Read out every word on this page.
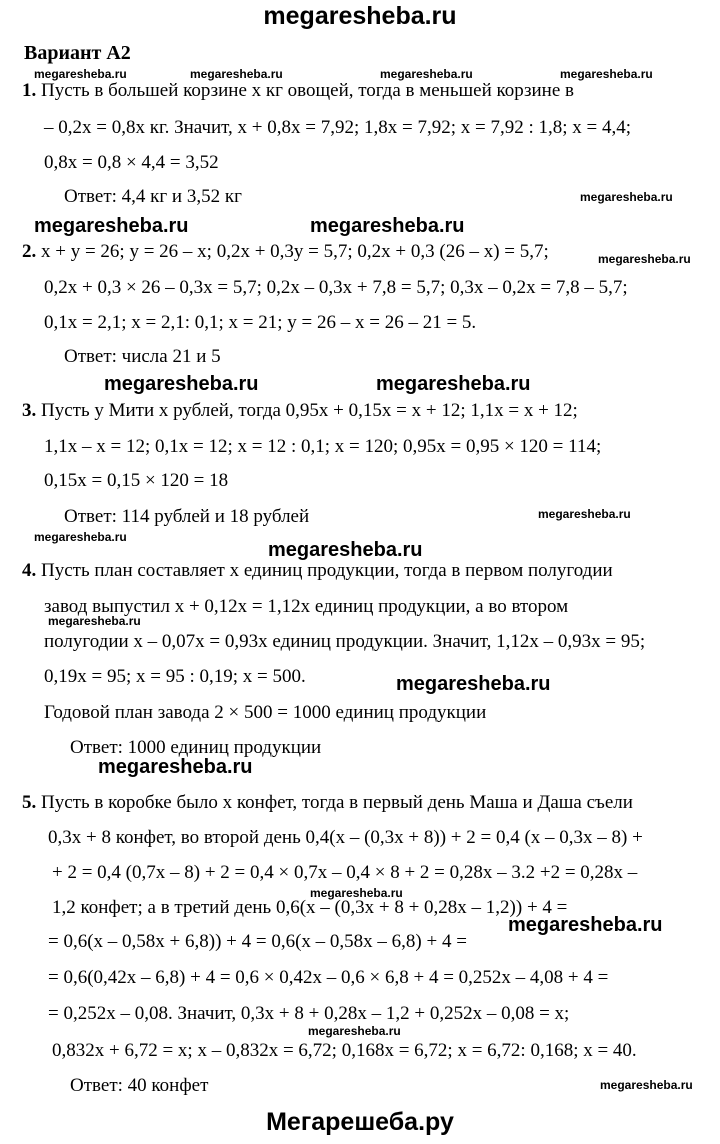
megaresheba.ru
Вариант А2
1. Пусть в большей корзине х кг овощей, тогда в меньшей корзине в
– 0,2х = 0,8х кг. Значит, х + 0,8х = 7,92; 1,8х = 7,92; х = 7,92 : 1,8; х = 4,4;
0,8х = 0,8 × 4,4 = 3,52
Ответ: 4,4 кг и 3,52 кг
2. х + у = 26; у = 26 – х; 0,2х + 0,3у = 5,7; 0,2х + 0,3 (26 – х) = 5,7;
0,2х + 0,3 × 26 – 0,3х = 5,7; 0,2х – 0,3х + 7,8 = 5,7; 0,3х – 0,2х = 7,8 – 5,7;
0,1х = 2,1; х = 2,1: 0,1; х = 21; у = 26 – х = 26 – 21 = 5.
Ответ: числа 21 и 5
3. Пусть у Мити х рублей, тогда 0,95х + 0,15х = х + 12; 1,1х = х + 12;
1,1х – х = 12; 0,1х = 12; х = 12 : 0,1; х = 120; 0,95х = 0,95 × 120 = 114;
0,15х = 0,15 × 120 = 18
Ответ: 114 рублей и 18 рублей
4. Пусть план составляет х единиц продукции, тогда в первом полугодии
завод выпустил х + 0,12х = 1,12х единиц продукции, а во втором
полугодии х – 0,07х = 0,93х единиц продукции. Значит, 1,12х – 0,93х = 95;
0,19х = 95; х = 95 : 0,19; х = 500.
Годовой план завода 2 × 500 = 1000 единиц продукции
Ответ: 1000 единиц продукции
5. Пусть в коробке было х конфет, тогда в первый день Маша и Даша съели
0,3х + 8 конфет, во второй день 0,4(х – (0,3х + 8)) + 2 = 0,4 (х – 0,3х – 8) +
+ 2 = 0,4 (0,7х – 8) + 2 = 0,4 × 0,7х – 0,4 × 8 + 2 = 0,28х – 3.2 +2 = 0,28х –
1,2 конфет; а в третий день 0,6(х – (0,3х + 8 + 0,28х – 1,2)) + 4 =
= 0,6(х – 0,58х + 6,8)) + 4 = 0,6(х – 0,58х – 6,8) + 4 =
= 0,6(0,42х – 6,8) + 4 = 0,6 × 0,42х – 0,6 × 6,8 + 4 = 0,252х – 4,08 + 4 =
= 0,252х – 0,08. Значит, 0,3х + 8 + 0,28х – 1,2 + 0,252х – 0,08 = х;
0,832х + 6,72 = х; х – 0,832х = 6,72; 0,168х = 6,72; х = 6,72: 0,168; х = 40.
Ответ: 40 конфет
megaresheba.ru	megaresheba.ru	megaresheba.ru	megaresheba.ru
megaresheba.ru
megaresheba.ru
megaresheba.ru
megaresheba.ru
megaresheba.ru
megaresheba.ru
megaresheba.ru
megaresheba.ru
megaresheba.ru	megaresheba.ru
megaresheba.ru	megaresheba.ru
megaresheba.ru
megaresheba.ru
megaresheba.ru
megaresheba.ru
Мегарешеба.ру
